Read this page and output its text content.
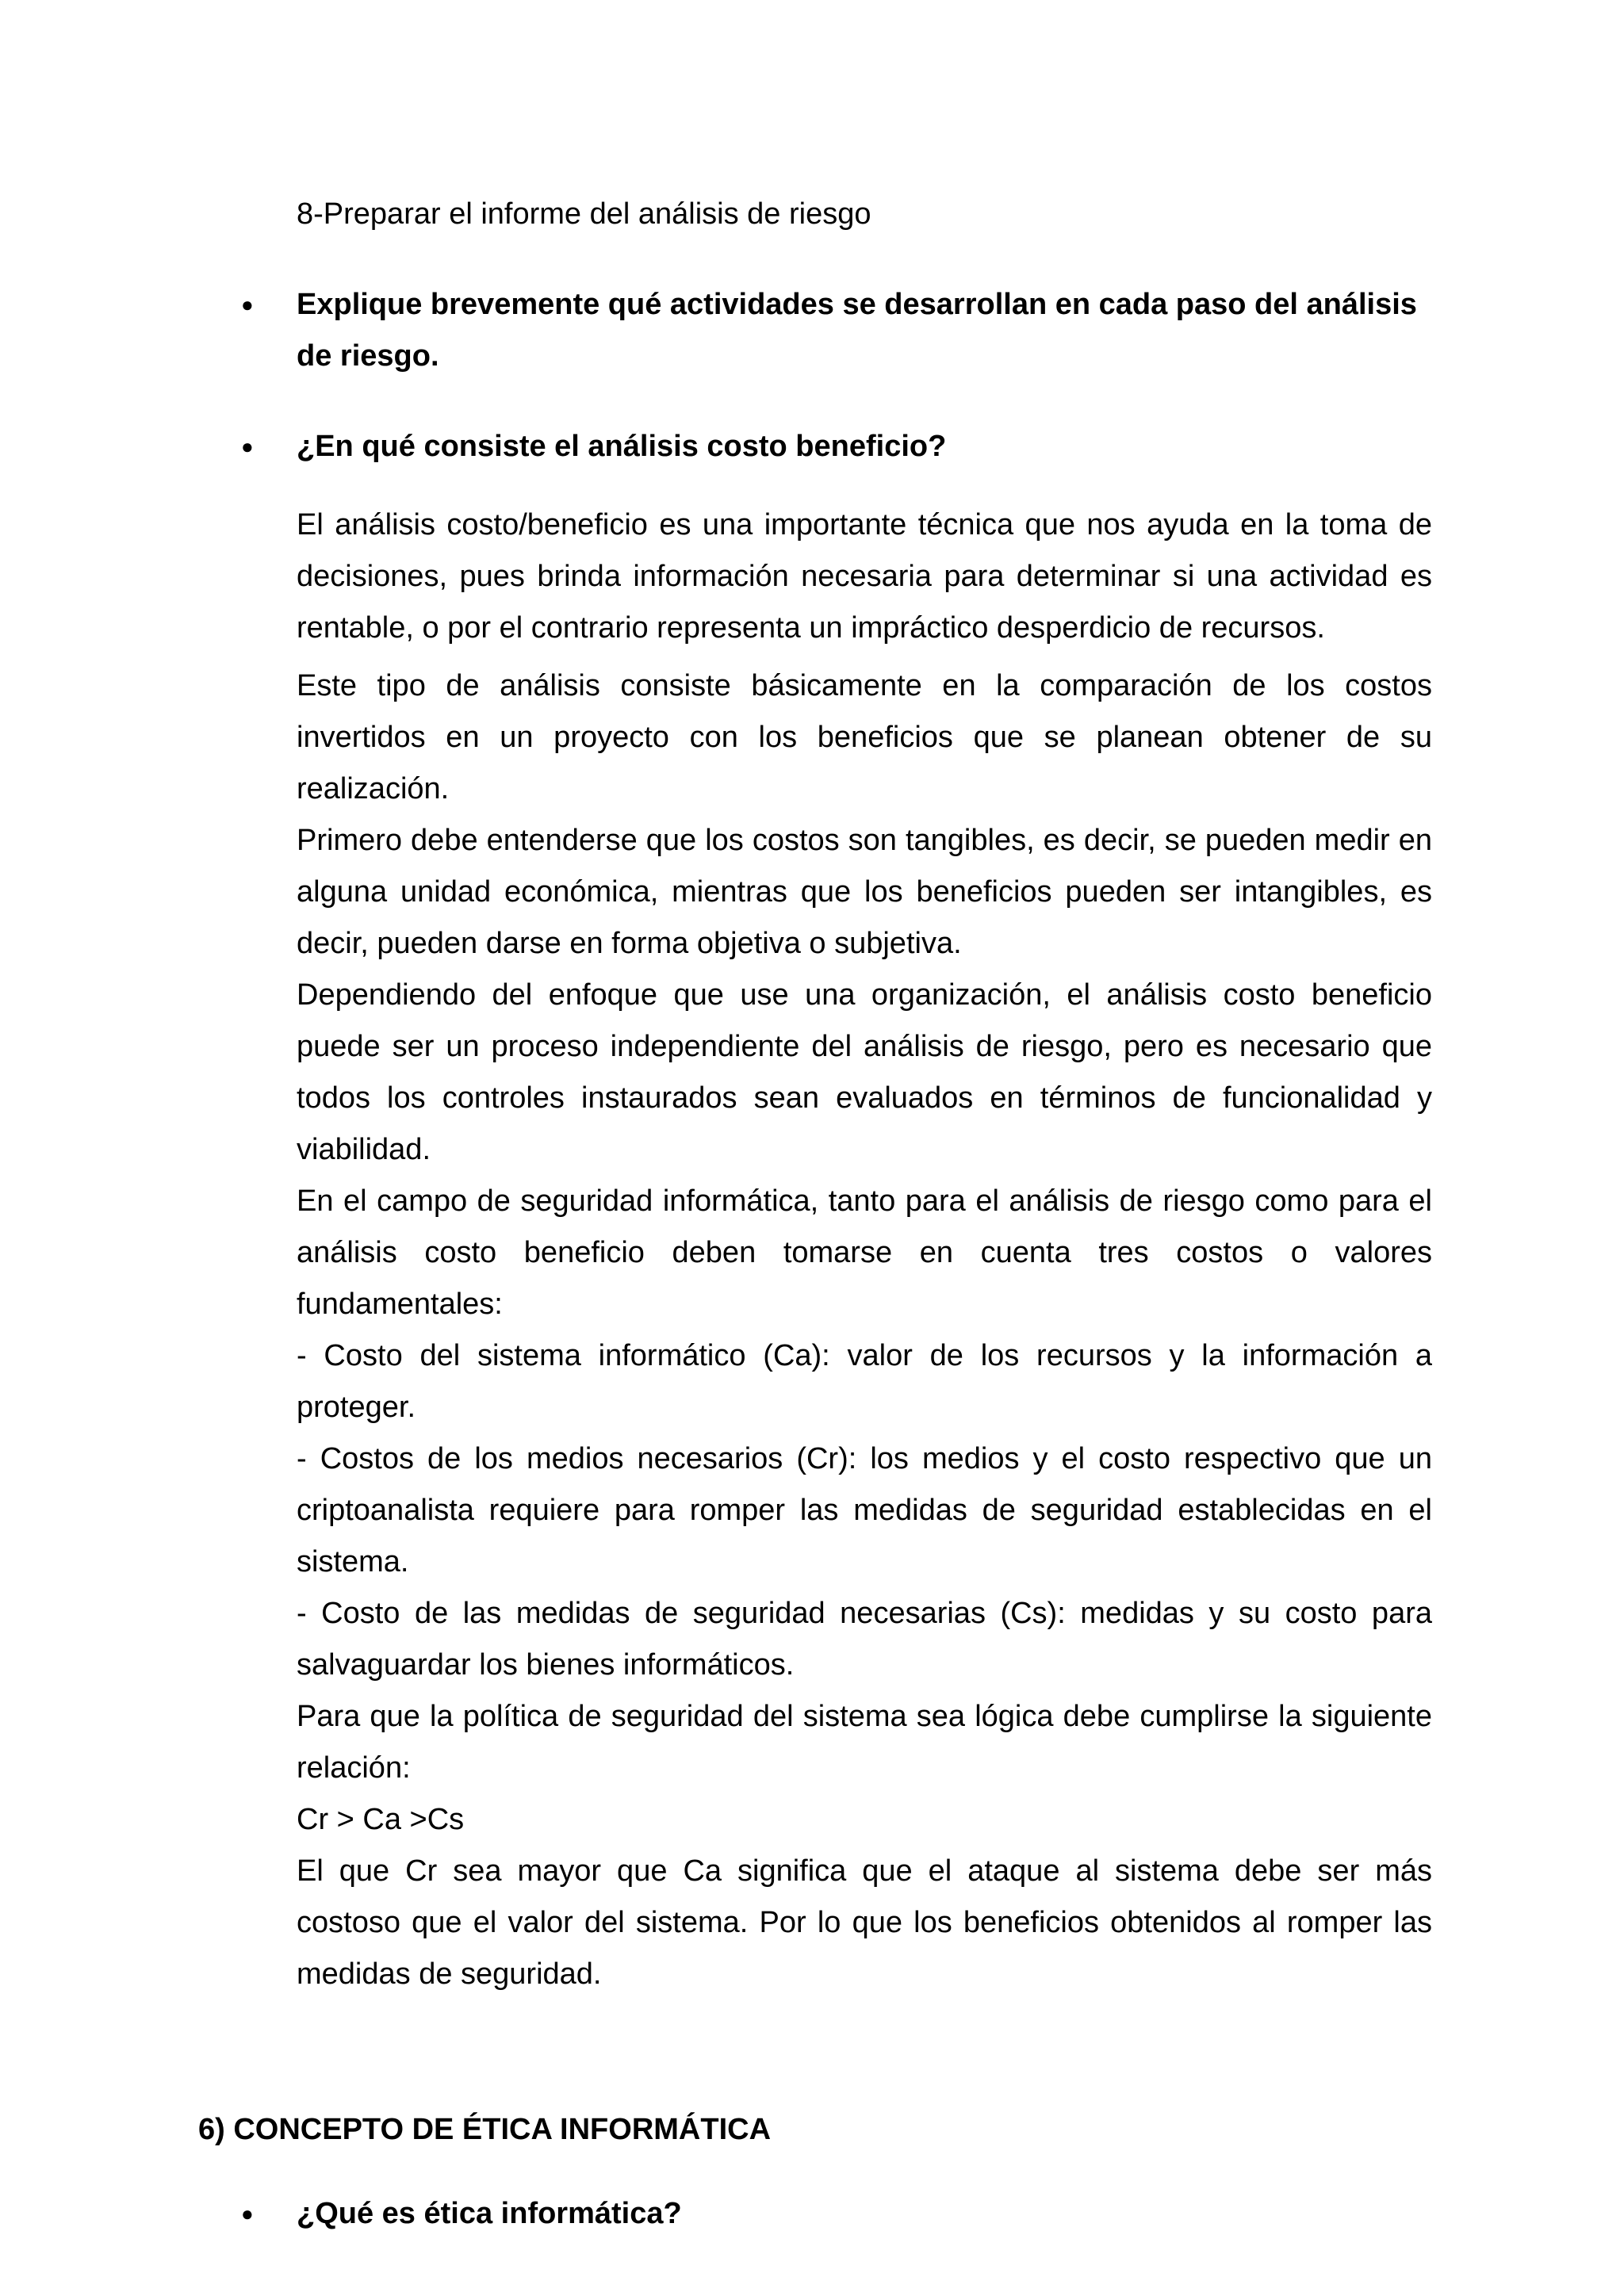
8-Preparar el informe del análisis de riesgo

●	Explique brevemente qué actividades se desarrollan en cada paso del análisis de riesgo.
●	¿En qué consiste el análisis costo beneficio?

El análisis costo/beneficio es una importante técnica que nos ayuda en la toma de decisiones, pues brinda información necesaria para determinar si una actividad es rentable, o por el contrario representa un impráctico desperdicio de recursos.

Este tipo de análisis consiste básicamente en la comparación de los costos invertidos en un proyecto con los beneficios que se planean obtener de su realización.

Primero debe entenderse que los costos son tangibles, es decir, se pueden medir en alguna unidad económica, mientras que los beneficios pueden ser intangibles, es decir, pueden darse en forma objetiva o subjetiva.

Dependiendo del enfoque que use una organización, el análisis costo beneficio puede ser un proceso independiente del análisis de riesgo, pero es necesario que todos los controles instaurados sean evaluados en términos de funcionalidad y viabilidad.

En el campo de seguridad informática, tanto para el análisis de riesgo como para el análisis costo beneficio deben tomarse en cuenta tres costos o valores fundamentales:

- Costo del sistema informático (Ca): valor de los recursos y la información a proteger.

- Costos de los medios necesarios (Cr): los medios y el costo respectivo que un criptoanalista requiere para romper las medidas de seguridad establecidas en el sistema.

- Costo de las medidas de seguridad necesarias (Cs): medidas y su costo para salvaguardar los bienes informáticos.

Para que la política de seguridad del sistema sea lógica debe cumplirse la siguiente relación:

Cr > Ca >Cs

El que Cr sea mayor que Ca significa que el ataque al sistema debe ser más costoso que el valor del sistema. Por lo que los beneficios obtenidos al romper las medidas de seguridad.

6) CONCEPTO DE ÉTICA INFORMÁTICA
●	¿Qué es ética informática?
